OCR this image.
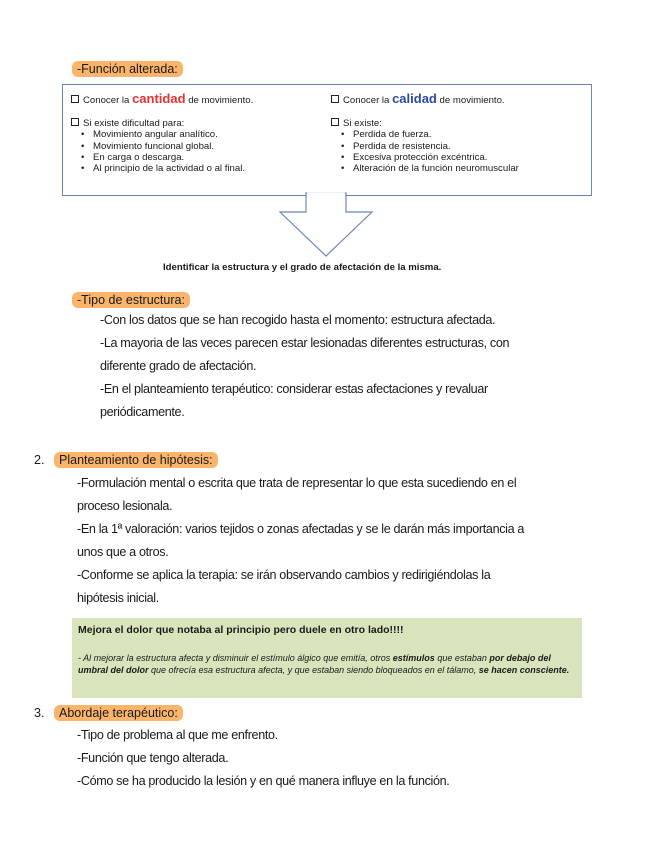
-Función alterada:
Conocer la cantidad de movimiento.
Si existe dificultad para:
• Movimiento angular analítico.
• Movimiento funcional global.
• En carga o descarga.
• Al principio de la actividad o al final.
Conocer la calidad de movimiento.
Si existe:
• Perdida de fuerza.
• Perdida de resistencia.
• Excesiva protección excéntrica.
• Alteración de la función neuromuscular
Identificar la estructura y el grado de afectación de la misma.
-Tipo de estructura:
-Con los datos que se han recogido hasta el momento: estructura afectada.
-La mayoria de las veces parecen estar lesionadas diferentes estructuras, con
diferente grado de afectación.
-En el planteamiento terapéutico: considerar estas afectaciones y revaluar
periódicamente.
2.	Planteamiento de hipótesis:
-Formulación mental o escrita que trata de representar lo que esta sucediendo en el
proceso lesionala.
-En la 1ª valoración: varios tejidos o zonas afectadas y se le darán más importancia a
unos que a otros.
-Conforme se aplica la terapia: se irán observando cambios y redirigiéndolas la
hipótesis inicial.
Mejora el dolor que notaba al principio pero duele en otro lado!!!!
- Al mejorar la estructura afecta y disminuir el estímulo álgico que emitía, otros estímulos que estaban por debajo del umbral del dolor que ofrecía esa estructura afecta, y que estaban siendo bloqueados en el tálamo, se hacen consciente.
3.	Abordaje terapéutico:
-Tipo de problema al que me enfrento.
-Función que tengo alterada.
-Cómo se ha producido la lesión y en qué manera influye en la función.
